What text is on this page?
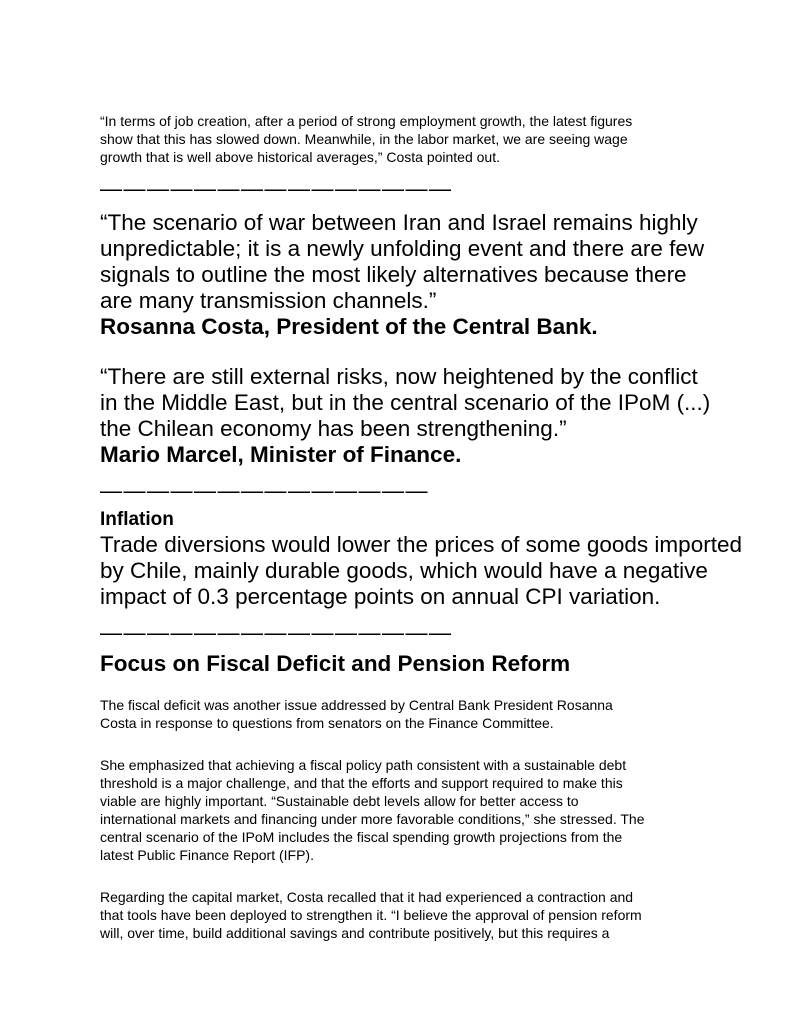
“In terms of job creation, after a period of strong employment growth, the latest figures
show that this has slowed down. Meanwhile, in the labor market, we are seeing wage
growth that is well above historical averages,” Costa pointed out.
———————————————
“The scenario of war between Iran and Israel remains highly
unpredictable; it is a newly unfolding event and there are few
signals to outline the most likely alternatives because there
are many transmission channels.”
Rosanna Costa, President of the Central Bank.
“There are still external risks, now heightened by the conflict
in the Middle East, but in the central scenario of the IPoM (...)
the Chilean economy has been strengthening.”
Mario Marcel, Minister of Finance.
——————————————
Inflation
Trade diversions would lower the prices of some goods imported
by Chile, mainly durable goods, which would have a negative
impact of 0.3 percentage points on annual CPI variation.
———————————————
Focus on Fiscal Deficit and Pension Reform
The fiscal deficit was another issue addressed by Central Bank President Rosanna
Costa in response to questions from senators on the Finance Committee.
She emphasized that achieving a fiscal policy path consistent with a sustainable debt
threshold is a major challenge, and that the efforts and support required to make this
viable are highly important. “Sustainable debt levels allow for better access to
international markets and financing under more favorable conditions,” she stressed. The
central scenario of the IPoM includes the fiscal spending growth projections from the
latest Public Finance Report (IFP).
Regarding the capital market, Costa recalled that it had experienced a contraction and
that tools have been deployed to strengthen it. “I believe the approval of pension reform
will, over time, build additional savings and contribute positively, but this requires a
